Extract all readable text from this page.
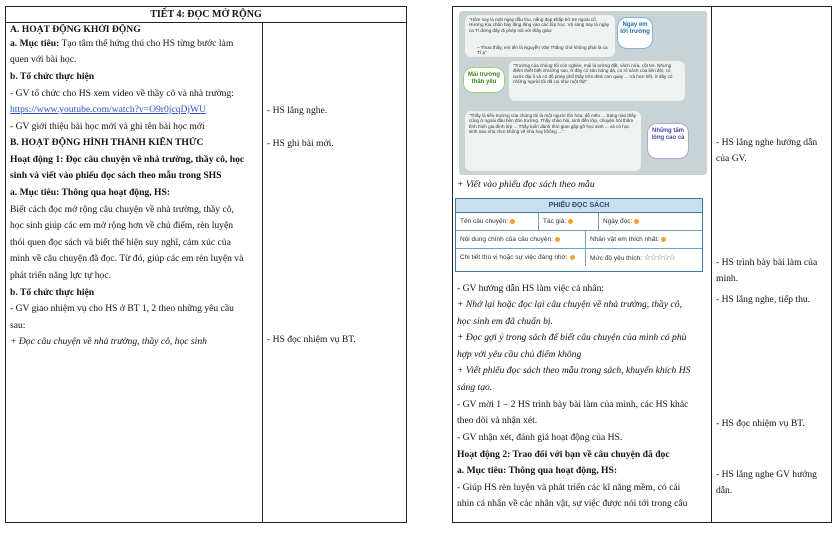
TIẾT 4: ĐỌC MỞ RỘNG
A. HOẠT ĐỘNG KHỞI ĐỘNG
a. Mục tiêu: Tạo tâm thế hứng thú cho HS từng bước làm
quen với bài học.
b. Tổ chức thực hiện
- GV tổ chức cho HS xem video về thầy cô và nhà trường:
https://www.youtube.com/watch?v=O9r0jcqDjWU
- GV giới thiệu bài học mới và ghi tên bài học mới
B. HOẠT ĐỘNG HÌNH THÀNH KIẾN THỨC
Hoạt động 1: Đọc câu chuyện về nhà trường, thầy cô, học
sinh và viết vào phiếu đọc sách theo mẫu trong SHS
a. Mục tiêu: Thông qua hoạt động, HS:
Biết cách đọc mở rộng câu chuyện về nhà trường, thầy cô,
học sinh giúp các em mở rộng hơn về chủ điểm, rèn luyện
thói quen đọc sách và biết thể hiện suy nghĩ, cảm xúc của
mình về câu chuyện đã đọc. Từ đó, giúp các em rèn luyện và
phát triển năng lực tự học.
b. Tổ chức thực hiện
- GV giao nhiệm vụ cho HS ở BT 1, 2 theo những yêu cầu
sau:
+ Đọc câu chuyện về nhà trường, thầy cô, học sinh
- HS lắng nghe.
- HS ghi bài mới.
- HS đọc nhiệm vụ BT.
"Hôm nay là một ngày đầu thu, nắng đẹp khắp bờ tre ngoài cổ. Hương Kia chân bay lăng lăng vào các lớp học. Vả sáng nay là ngày ca Tí đứng đây đi phép nói với thầy giáo:
– Thưa thầy, em tên là Nguyễn Văn Thắng chứ không phải là ca Tí ạ"
Ngày em tới trường
Mái trường thân yêu
"Trường của chúng tôi còn nghèo, mái lá tường đất, vách nứa, cột tre. Nhưng điểm thiết biết nhường sao, ở đây có sân bóng đá, có rổ sách của liên đội, có nước địa lí và có đồ phép phổ thầy trên đỉnh con quay ... Và hơn hết, ở đây có những người tôi đã coi như ruột thịt"
"Thầy là tiếu trường của chúng tôi là một người tồn hòa, dễ mến ... Sáng nào thầy cũng ở ngoài đầu bên đón trường. Thầy chào hỏi, sinh đến lớp, chuyện hỏi thăm tình hình gia đình lớp ... Thầy luôn dành thời gian gặp gỡ học sinh ... và có học sinh nào nhà chơi không vẽ nhà hay không ..."	Những tấm lòng cao cả
+ Viết vào phiếu đọc sách theo mẫu
PHIẾU ĐỌC SÁCH
Tên câu chuyện:	Tác giả:	Ngày đọc:
Nội dung chính của câu chuyện:	Nhân vật em thích nhất:
Chi tiết thú vị hoặc sự việc đáng nhớ:	Mức độ yêu thích: ☆☆☆☆☆
- GV hướng dẫn HS làm việc cá nhân:
+ Nhớ lại hoặc đọc lại câu chuyện về nhà trường, thầy cô,
học sinh em đã chuẩn bị.
+ Đọc gợi ý trong sách để biết câu chuyện của mình có phù
hợp với yêu cầu chủ điểm không
+ Viết phiếu đọc sách theo mẫu trong sách, khuyến khích HS
sáng tạo.
- GV mời 1 – 2 HS trình bày bài làm của mình, các HS khác
theo dõi và nhận xét.
- GV nhận xét, đánh giá hoạt động của HS.
Hoạt động 2: Trao đổi với bạn về câu chuyện đã đọc
a. Mục tiêu: Thông qua hoạt động, HS:
- Giúp HS rèn luyện và phát triển các kĩ năng mềm, có cái
nhìn cá nhân về các nhân vật, sự việc được nói tới trong câu
- HS lắng nghe hướng dẫn
của GV.
- HS trình bày bài làm của
mình.
- HS lắng nghe, tiếp thu.
- HS đọc nhiệm vụ BT.
- HS lắng nghe GV hướng
dẫn.
